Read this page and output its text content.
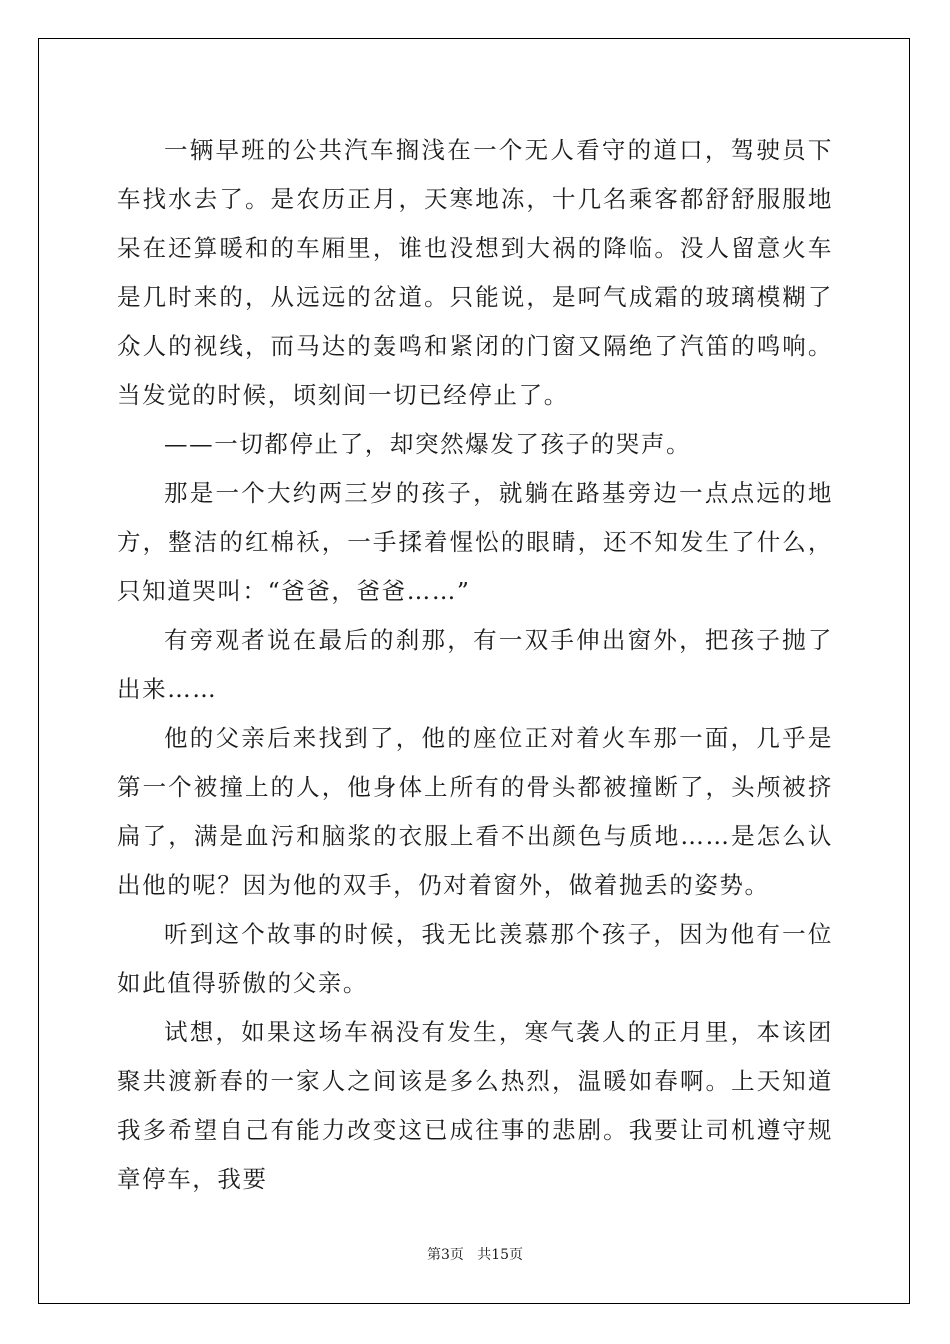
一辆早班的公共汽车搁浅在一个无人看守的道口，驾驶员下车找水去了。是农历正月，天寒地冻，十几名乘客都舒舒服服地呆在还算暖和的车厢里，谁也没想到大祸的降临。没人留意火车是几时来的，从远远的岔道。只能说，是呵气成霜的玻璃模糊了众人的视线，而马达的轰鸣和紧闭的门窗又隔绝了汽笛的鸣响。当发觉的时候，顷刻间一切已经停止了。

——一切都停止了，却突然爆发了孩子的哭声。

那是一个大约两三岁的孩子，就躺在路基旁边一点点远的地方，整洁的红棉袄，一手揉着惺忪的眼睛，还不知发生了什么，只知道哭叫：“爸爸，爸爸……”

有旁观者说在最后的刹那，有一双手伸出窗外，把孩子抛了出来……

他的父亲后来找到了，他的座位正对着火车那一面，几乎是第一个被撞上的人，他身体上所有的骨头都被撞断了，头颅被挤扁了，满是血污和脑浆的衣服上看不出颜色与质地……是怎么认出他的呢？因为他的双手，仍对着窗外，做着抛丢的姿势。

听到这个故事的时候，我无比羡慕那个孩子，因为他有一位如此值得骄傲的父亲。

试想，如果这场车祸没有发生，寒气袭人的正月里，本该团聚共渡新春的一家人之间该是多么热烈，温暖如春啊。上天知道我多希望自己有能力改变这已成往事的悲剧。我要让司机遵守规章停车，我要

第3页   共15页
